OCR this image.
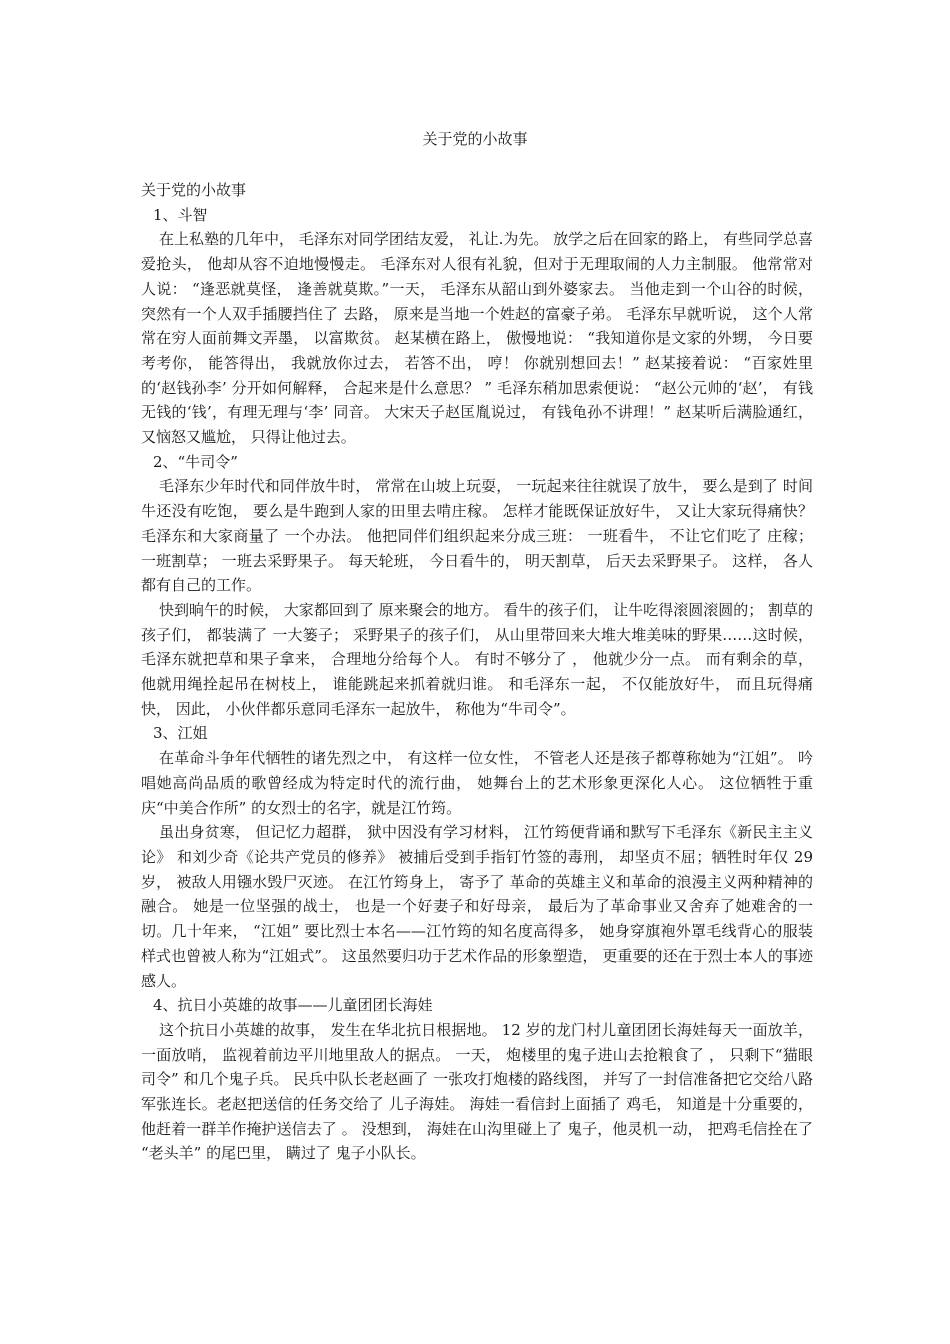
关于党的小故事

关于党的小故事

1、斗智

在上私塾的几年中， 毛泽东对同学团结友爱， 礼让.为先。 放学之后在回家的路上， 有些同学总喜爱抢头， 他却从容不迫地慢慢走。 毛泽东对人很有礼貌，但对于无理取闹的人力主制服。 他常常对人说： “逢恶就莫怪， 逢善就莫欺。”一天， 毛泽东从韶山到外婆家去。 当他走到一个山谷的时候， 突然有一个人双手插腰挡住了 去路， 原来是当地一个姓赵的富豪子弟。 毛泽东早就听说， 这个人常常在穷人面前舞文弄墨， 以富欺贫。 赵某横在路上， 傲慢地说： “我知道你是文家的外甥， 今日要考考你， 能答得出， 我就放你过去， 若答不出， 哼！ 你就别想回去！” 赵某接着说： “百家姓里的‘赵钱孙李’ 分开如何解释， 合起来是什么意思？ ” 毛泽东稍加思索便说： “赵公元帅的‘赵’， 有钱无钱的‘钱’，有理无理与‘李’ 同音。 大宋天子赵匡胤说过， 有钱龟孙不讲理！” 赵某听后满脸通红， 又恼怒又尴尬， 只得让他过去。

2、“牛司令”

毛泽东少年时代和同伴放牛时， 常常在山坡上玩耍， 一玩起来往往就误了放牛， 要么是到了 时间牛还没有吃饱， 要么是牛跑到人家的田里去啃庄稼。 怎样才能既保证放好牛， 又让大家玩得痛快？ 毛泽东和大家商量了 一个办法。 他把同伴们组织起来分成三班： 一班看牛， 不让它们吃了 庄稼； 一班割草； 一班去采野果子。 每天轮班， 今日看牛的， 明天割草， 后天去采野果子。 这样， 各人都有自己的工作。

快到晌午的时候， 大家都回到了 原来聚会的地方。 看牛的孩子们， 让牛吃得滚圆滚圆的； 割草的孩子们， 都装满了 一大篓子； 采野果子的孩子们， 从山里带回来大堆大堆美味的野果……这时候， 毛泽东就把草和果子拿来， 合理地分给每个人。 有时不够分了 ， 他就少分一点。 而有剩余的草， 他就用绳拴起吊在树枝上， 谁能跳起来抓着就归谁。 和毛泽东一起， 不仅能放好牛， 而且玩得痛快， 因此， 小伙伴都乐意同毛泽东一起放牛， 称他为“牛司令”。

3、江姐

在革命斗争年代牺牲的诸先烈之中， 有这样一位女性， 不管老人还是孩子都尊称她为“江姐”。 吟唱她高尚品质的歌曾经成为特定时代的流行曲， 她舞台上的艺术形象更深化人心。 这位牺牲于重庆“中美合作所” 的女烈士的名字，就是江竹筠。

虽出身贫寒， 但记忆力超群， 狱中因没有学习材料， 江竹筠便背诵和默写下毛泽东《新民主主义论》 和刘少奇《论共产党员的修养》 被捕后受到手指钉竹签的毒刑， 却坚贞不屈；牺牲时年仅 29 岁， 被敌人用镪水毁尸灭迹。 在江竹筠身上， 寄予了 革命的英雄主义和革命的浪漫主义两种精神的融合。 她是一位坚强的战士， 也是一个好妻子和好母亲， 最后为了革命事业又舍弃了她难舍的一切。几十年来， “江姐” 要比烈士本名——江竹筠的知名度高得多， 她身穿旗袍外罩毛线背心的服装样式也曾被人称为“江姐式”。 这虽然要归功于艺术作品的形象塑造， 更重要的还在于烈士本人的事迹感人。

4、抗日小英雄的故事——儿童团团长海娃

这个抗日小英雄的故事， 发生在华北抗日根据地。 12 岁的龙门村儿童团团长海娃每天一面放羊， 一面放哨， 监视着前边平川地里敌人的据点。 一天， 炮楼里的鬼子进山去抢粮食了 ， 只剩下“猫眼司令” 和几个鬼子兵。 民兵中队长老赵画了 一张攻打炮楼的路线图， 并写了一封信准备把它交给八路军张连长。老赵把送信的任务交给了 儿子海娃。 海娃一看信封上面插了 鸡毛， 知道是十分重要的， 他赶着一群羊作掩护送信去了 。 没想到， 海娃在山沟里碰上了 鬼子，他灵机一动， 把鸡毛信拴在了 “老头羊” 的尾巴里， 瞒过了 鬼子小队长。
